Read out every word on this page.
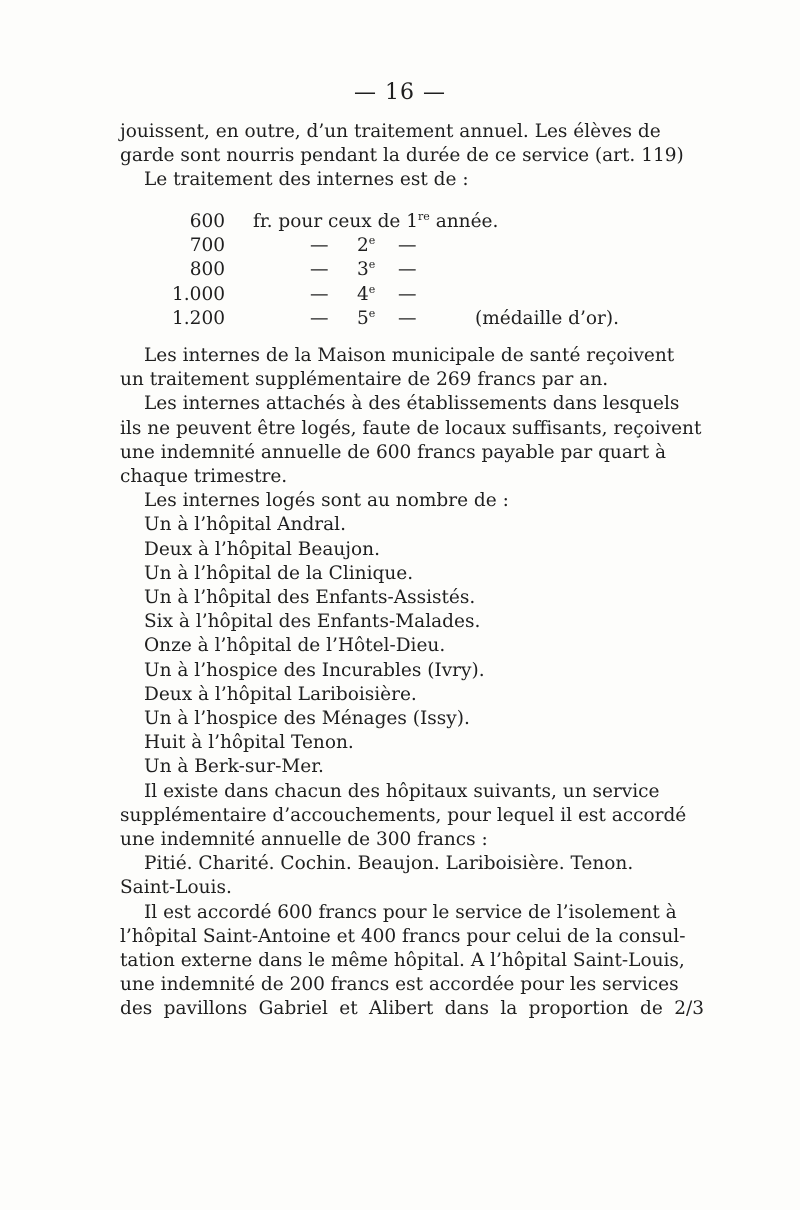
— 16 —
jouissent, en outre, d’un traitement annuel. Les élèves de
garde sont nourris pendant la durée de ce service (art. 119)
Le traitement des internes est de :
600 fr. pour ceux de 1re année.
700	— 2e —
800	— 3e —
1.000	— 4e —
1.200	— 5e —	(médaille d’or).
Les internes de la Maison municipale de santé reçoivent
un traitement supplémentaire de 269 francs par an.
Les internes attachés à des établissements dans lesquels
ils ne peuvent être logés, faute de locaux suffisants, reçoivent
une indemnité annuelle de 600 francs payable par quart à
chaque trimestre.
Les internes logés sont au nombre de :
Un à l’hôpital Andral.
Deux à l’hôpital Beaujon.
Un à l’hôpital de la Clinique.
Un à l’hôpital des Enfants-Assistés.
Six à l’hôpital des Enfants-Malades.
Onze à l’hôpital de l’Hôtel-Dieu.
Un à l’hospice des Incurables (Ivry).
Deux à l’hôpital Lariboisière.
Un à l’hospice des Ménages (Issy).
Huit à l’hôpital Tenon.
Un à Berk-sur-Mer.
Il existe dans chacun des hôpitaux suivants, un service
supplémentaire d’accouchements, pour lequel il est accordé
une indemnité annuelle de 300 francs :
Pitié. Charité. Cochin. Beaujon. Lariboisière. Tenon.
Saint-Louis.
Il est accordé 600 francs pour le service de l’isolement à
l’hôpital Saint-Antoine et 400 francs pour celui de la consul-
tation externe dans le même hôpital. A l’hôpital Saint-Louis,
une indemnité de 200 francs est accordée pour les services
des pavillons Gabriel et Alibert dans la proportion de 2/3
